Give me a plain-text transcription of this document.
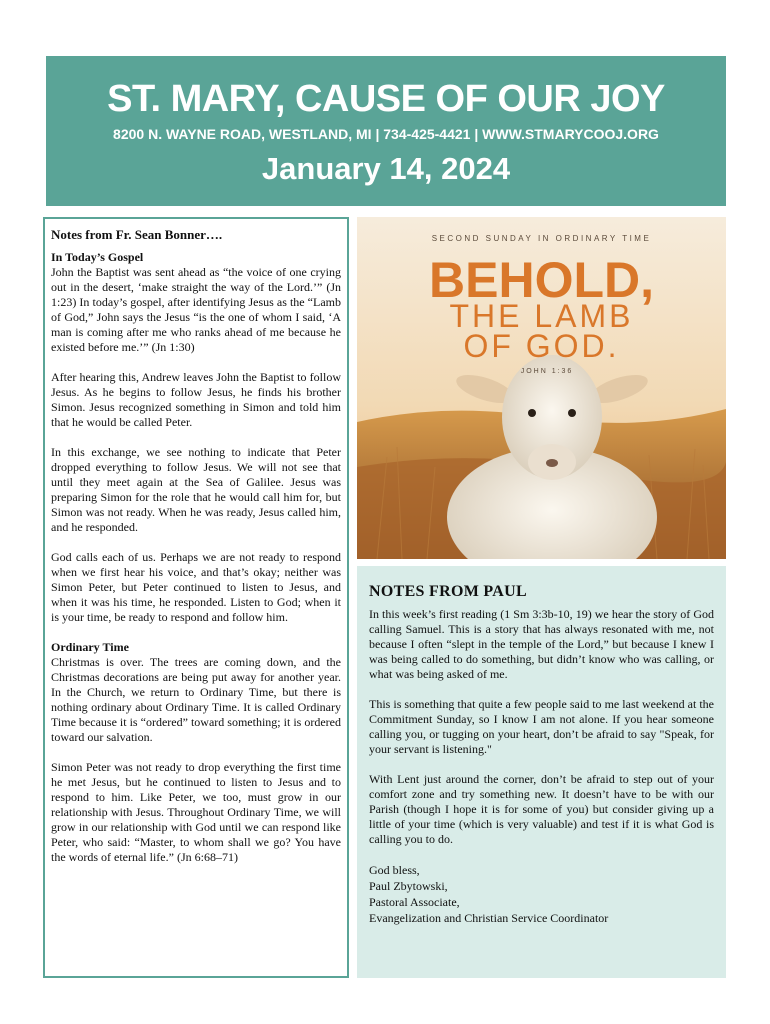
ST. MARY, CAUSE OF OUR JOY
8200 N. WAYNE ROAD, WESTLAND, MI | 734-425-4421 | WWW.STMARYCOOJ.ORG
January 14, 2024
Notes from Fr. Sean Bonner….
In Today’s Gospel

John the Baptist was sent ahead as “the voice of one crying out in the desert, ‘make straight the way of the Lord.’” (Jn 1:23) In today’s gospel, after identifying Jesus as the “Lamb of God,” John says the Jesus “is the one of whom I said, ‘A man is coming after me who ranks ahead of me because he existed before me.’” (Jn 1:30)

After hearing this, Andrew leaves John the Baptist to follow Jesus. As he begins to follow Jesus, he finds his brother Simon. Jesus recognized something in Simon and told him that he would be called Peter.

In this exchange, we see nothing to indicate that Peter dropped everything to follow Jesus. We will not see that until they meet again at the Sea of Galilee. Jesus was preparing Simon for the role that he would call him for, but Simon was not ready. When he was ready, Jesus called him, and he responded.

God calls each of us. Perhaps we are not ready to respond when we first hear his voice, and that’s okay; neither was Simon Peter, but Peter continued to listen to Jesus, and when it was his time, he responded. Listen to God; when it is your time, be ready to respond and follow him.

Ordinary Time

Christmas is over. The trees are coming down, and the Christmas decorations are being put away for another year. In the Church, we return to Ordinary Time, but there is nothing ordinary about Ordinary Time. It is called Ordinary Time because it is “ordered” toward something; it is ordered toward our salvation.

Simon Peter was not ready to drop everything the first time he met Jesus, but he continued to listen to Jesus and to respond to him. Like Peter, we too, must grow in our relationship with Jesus. Throughout Ordinary Time, we will grow in our relationship with God until we can respond like Peter, who said: “Master, to whom shall we go? You have the words of eternal life.” (Jn 6:68–71)

SECOND SUNDAY IN ORDINARY TIME
BEHOLD,
THE LAMB
OF GOD.
JOHN 1:36
NOTES FROM PAUL

In this week’s first reading (1 Sm 3:3b-10, 19) we hear the story of God calling Samuel. This is a story that has always resonated with me, not because I often “slept in the temple of the Lord,” but because I knew I was being called to do something, but didn’t know who was calling, or what was being asked of me.

This is something that quite a few people said to me last weekend at the Commitment Sunday, so I know I am not alone. If you hear someone calling you, or tugging on your heart, don’t be afraid to say "Speak, for your servant is listening."

With Lent just around the corner, don’t be afraid to step out of your comfort zone and try something new. It doesn’t have to be with our Parish (though I hope it is for some of you) but consider giving up a little of your time (which is very valuable) and test if it is what God is calling you to do.

God bless,
Paul Zbytowski,
Pastoral Associate,
Evangelization and Christian Service Coordinator
